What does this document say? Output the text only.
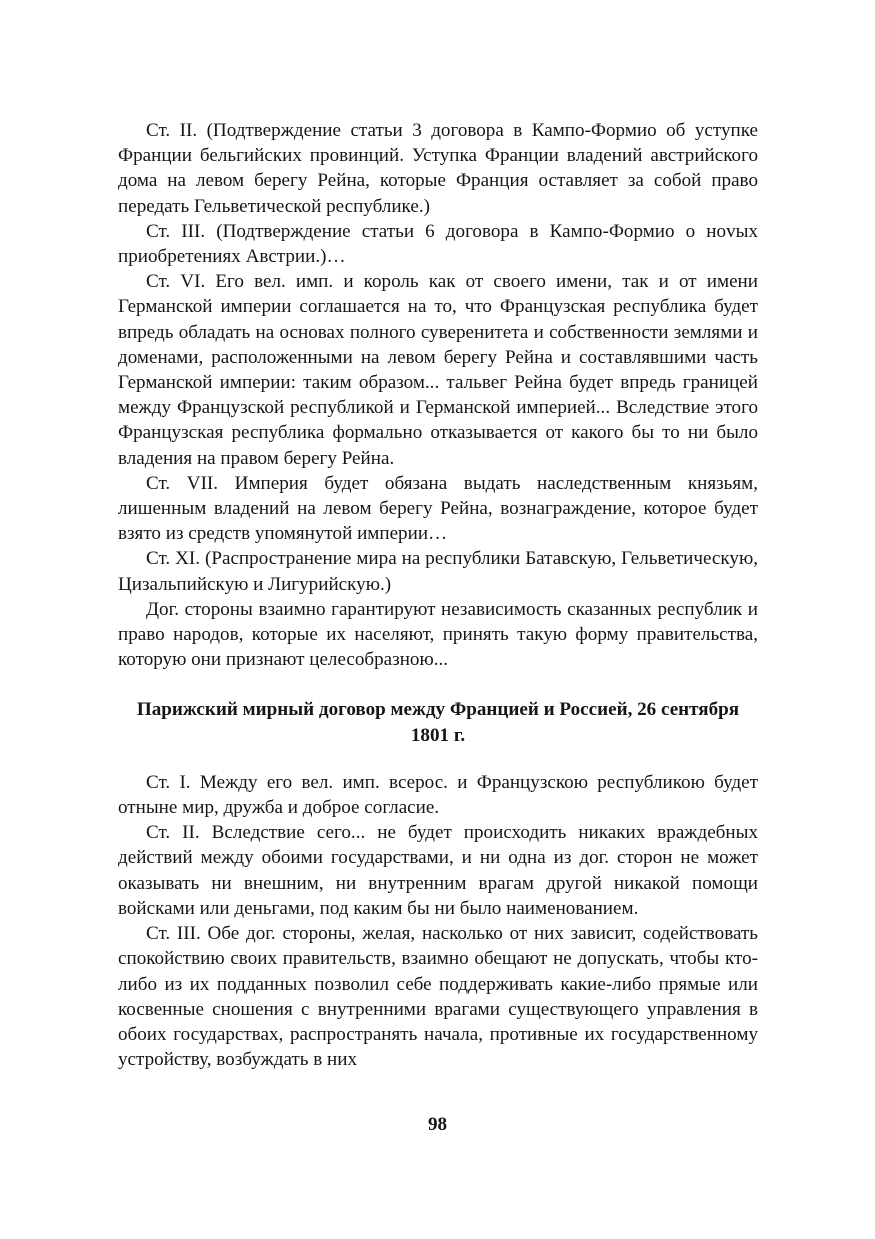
Ст. II. (Подтверждение статьи 3 договора в Кампо-Формио об уступке Франции бельгийских провинций. Уступка Франции владений австрийского дома на левом берегу Рейна, которые Франция оставляет за собой право передать Гельветической республике.)

Ст. III. (Подтверждение статьи 6 договора в Кампо-Формио о ноvых приобретениях Австрии.)…

Ст. VI. Его вел. имп. и король как от своего имени, так и от имени Германской империи соглашается на то, что Французская республика будет впредь обладать на основах полного суверенитета и собственности землями и доменами, расположенными на левом берегу Рейна и составлявшими часть Германской империи: таким образом... тальвег Рейна будет впредь границей между Французской республикой и Германской империей... Вследствие этого Французская республика формально отказывается от какого бы то ни было владения на правом берегу Рейна.

Ст. VII. Империя будет обязана выдать наследственным князьям, лишенным владений на левом берегу Рейна, вознаграждение, которое будет взято из средств упомянутой империи…

Ст. XI. (Распространение мира на республики Батавскую, Гельветическую, Цизальпийскую и Лигурийскую.)

Дог. стороны взаимно гарантируют независимость сказанных республик и право народов, которые их населяют, принять такую форму правительства, которую они признают целесобразною...

Парижский мирный договор между Францией и Россией, 26 сентября 1801 г.

Ст. I. Между его вел. имп. всерос. и Французскою республикою будет отныне мир, дружба и доброе согласие.

Ст. II. Вследствие сего... не будет происходить никаких враждебных действий между обоими государствами, и ни одна из дог. сторон не может оказывать ни внешним, ни внутренним врагам другой никакой помощи войсками или деньгами, под каким бы ни было наименованием.

Ст. III. Обе дог. стороны, желая, насколько от них зависит, содействовать спокойствию своих правительств, взаимно обещают не допускать, чтобы кто-либо из их подданных позволил себе поддерживать какие-либо прямые или косвенные сношения с внутренними врагами существующего управления в обоих государствах, распространять начала, противные их государственному устройству, возбуждать в них

98
